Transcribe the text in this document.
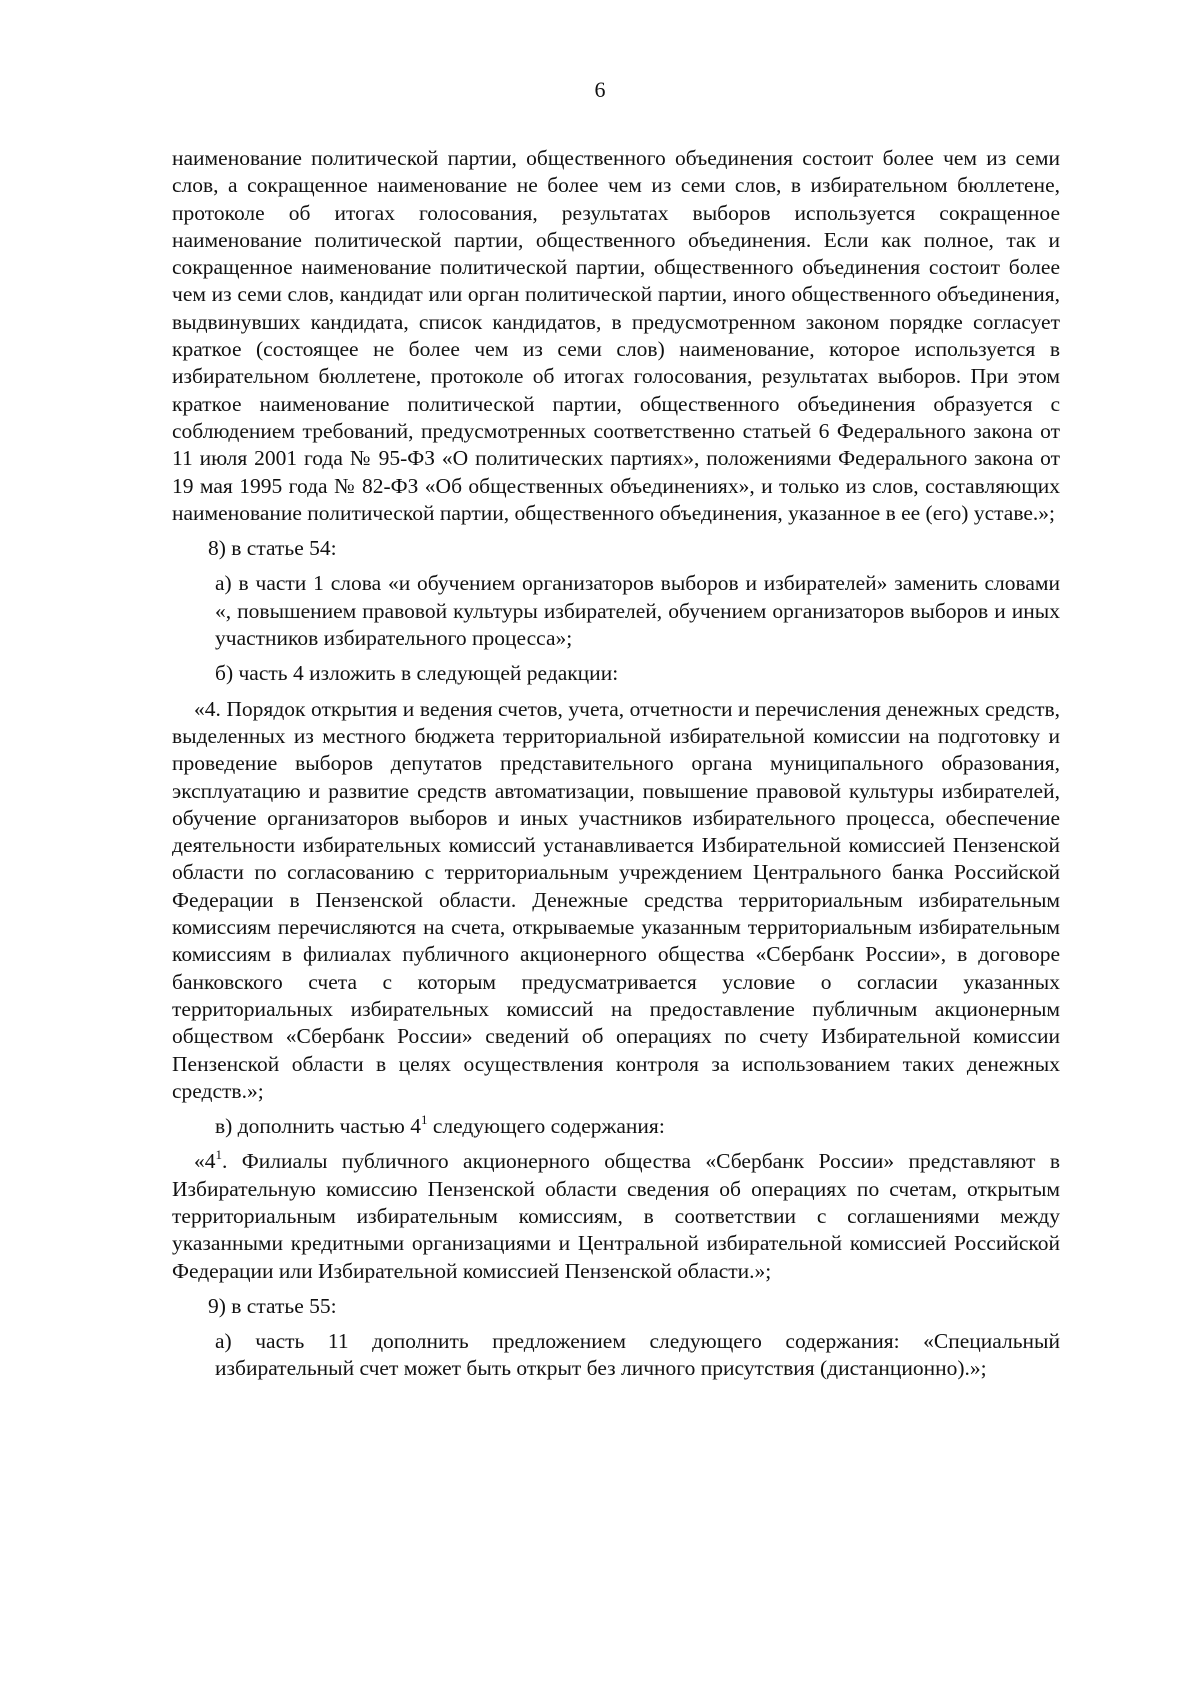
6

наименование политической партии, общественного объединения состоит более чем из семи слов, а сокращенное наименование не более чем из семи слов, в избирательном бюллетене, протоколе об итогах голосования, результатах выборов используется сокращенное наименование политической партии, общественного объединения. Если как полное, так и сокращенное наименование политической партии, общественного объединения состоит более чем из семи слов, кандидат или орган политической партии, иного общественного объединения, выдвинувших кандидата, список кандидатов, в предусмотренном законом порядке согласует краткое (состоящее не более чем из семи слов) наименование, которое используется в избирательном бюллетене, протоколе об итогах голосования, результатах выборов. При этом краткое наименование политической партии, общественного объединения образуется с соблюдением требований, предусмотренных соответственно статьей 6 Федерального закона от 11 июля 2001 года № 95-ФЗ «О политических партиях», положениями Федерального закона от 19 мая 1995 года № 82-ФЗ «Об общественных объединениях», и только из слов, составляющих наименование политической партии, общественного объединения, указанное в ее (его) уставе.»;

8) в статье 54:

а) в части 1 слова «и обучением организаторов выборов и избирателей» заменить словами «, повышением правовой культуры избирателей, обучением организаторов выборов и иных участников избирательного процесса»;

б) часть 4 изложить в следующей редакции:

«4. Порядок открытия и ведения счетов, учета, отчетности и перечисления денежных средств, выделенных из местного бюджета территориальной избирательной комиссии на подготовку и проведение выборов депутатов представительного органа муниципального образования, эксплуатацию и развитие средств автоматизации, повышение правовой культуры избирателей, обучение организаторов выборов и иных участников избирательного процесса, обеспечение деятельности избирательных комиссий устанавливается Избирательной комиссией Пензенской области по согласованию с территориальным учреждением Центрального банка Российской Федерации в Пензенской области. Денежные средства территориальным избирательным комиссиям перечисляются на счета, открываемые указанным территориальным избирательным комиссиям в филиалах публичного акционерного общества «Сбербанк России», в договоре банковского счета с которым предусматривается условие о согласии указанных территориальных избирательных комиссий на предоставление публичным акционерным обществом «Сбербанк России» сведений об операциях по счету Избирательной комиссии Пензенской области в целях осуществления контроля за использованием таких денежных средств.»;

в) дополнить частью $4^1$ следующего содержания:

«$4^1$. Филиалы публичного акционерного общества «Сбербанк России» представляют в Избирательную комиссию Пензенской области сведения об операциях по счетам, открытым территориальным избирательным комиссиям, в соответствии с соглашениями между указанными кредитными организациями и Центральной избирательной комиссией Российской Федерации или Избирательной комиссией Пензенской области.»;

9) в статье 55:

а) часть 11 дополнить предложением следующего содержания: «Специальный избирательный счет может быть открыт без личного присутствия (дистанционно).»;
